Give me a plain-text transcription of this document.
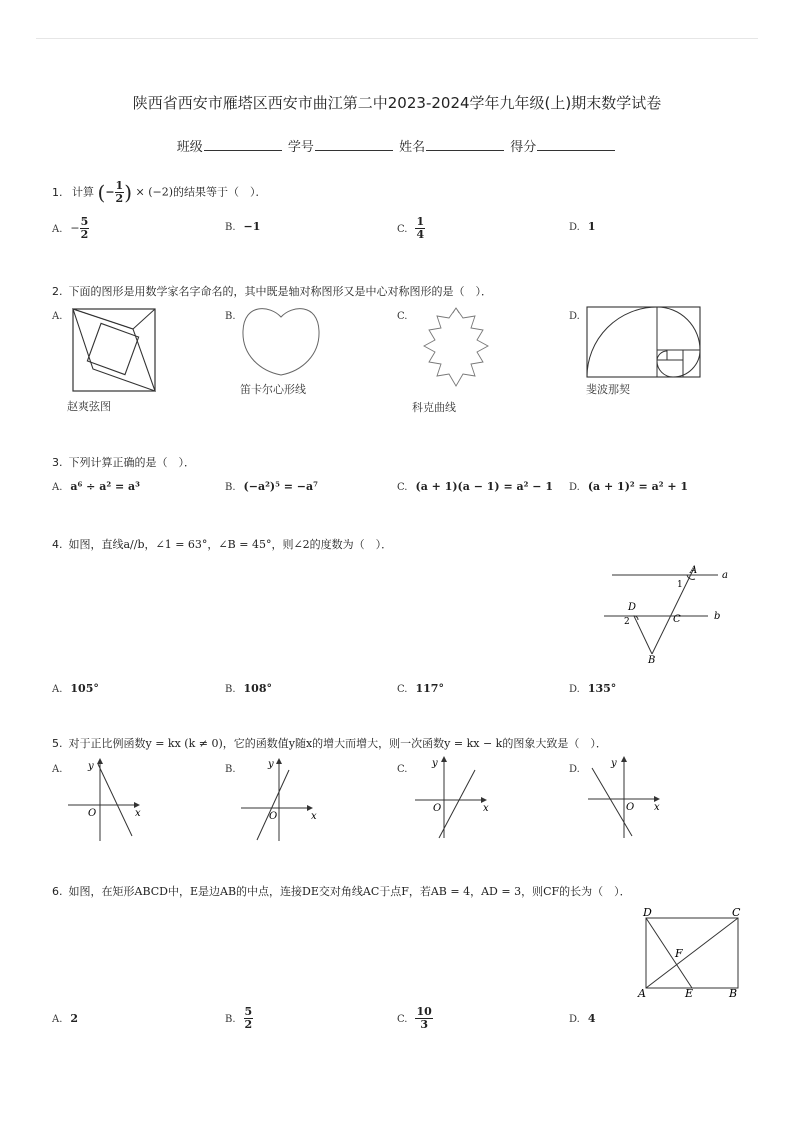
陕西省西安市雁塔区西安市曲江第二中2023-2024学年九年级(上)期末数学试卷
班级	学号	姓名	得分
1. 计算 (− $\frac{1}{2}$ ) × (−2)的结果等于（　）．
A. − $\frac{5}{2}$	B. −1	C. $\frac{1}{4}$	D. 1
2. 下面的图形是用数学家名字命名的，其中既是轴对称图形又是中心对称图形的是（　）．
A.
赵爽弦图
B.
笛卡尔心形线
C.
科克曲线
D.
斐波那契
3. 下列计算正确的是（　）．
A. a⁶ ÷ a² = a³	B. (−a²)⁵ = −a⁷	C. (a + 1)(a − 1) = a² − 1 D. (a + 1)² = a² + 1
4. 如图，直线a//b，∠1 = 63°，∠B = 45°，则∠2的度数为（　）．
A a
1
D
2	C	b
B
A. 105°	B. 108°	C. 117°	D. 135°
5. 对于正比例函数y = kx (k ≠ 0)，它的函数值y随x的增大而增大，则一次函数y = kx − k的图象大致是（　）．
A.	y
x
O
B.	y
x
O
C.
y
x
O
D.
y
x
O
6. 如图，在矩形ABCD中，E是边AB的中点，连接DE交对角线AC于点F，若AB = 4，AD = 3，则CF的长为（　）．
D	C
F
A	E	B
A. 2	B. $\frac{5}{2}$	C. $\frac{10}{3}$	D. 4
